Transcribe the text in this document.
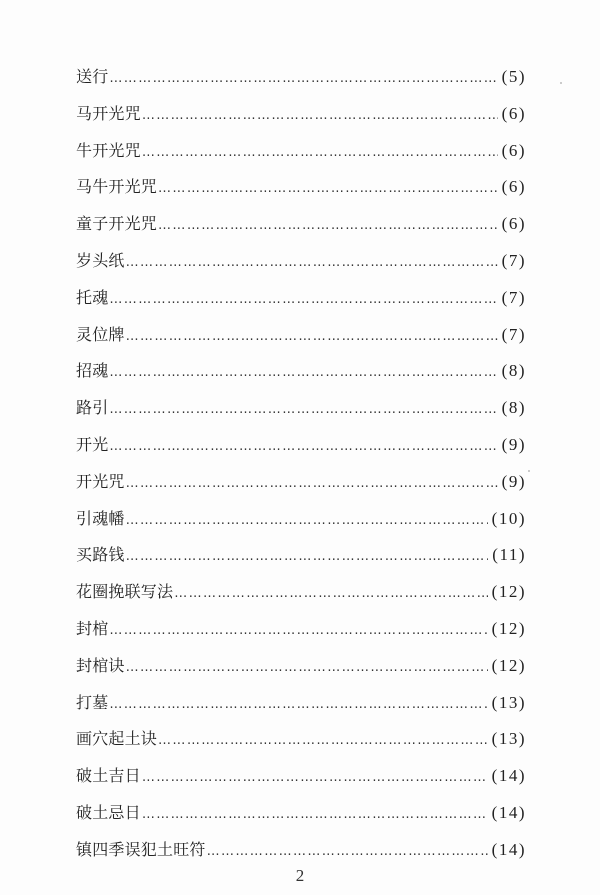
送行 …………………………………………………………………………………………………………………………	(5)
马开光咒 …………………………………………………………………………………………………………………………	(6)
牛开光咒 …………………………………………………………………………………………………………………………	(6)
马牛开光咒 …………………………………………………………………………………………………………………………	(6)
童子开光咒 …………………………………………………………………………………………………………………………	(6)
岁头纸 …………………………………………………………………………………………………………………………	(7)
托魂 …………………………………………………………………………………………………………………………	(7)
灵位牌 …………………………………………………………………………………………………………………………	(7)
招魂 …………………………………………………………………………………………………………………………	(8)
路引 …………………………………………………………………………………………………………………………	(8)
开光 …………………………………………………………………………………………………………………………	(9)
开光咒 …………………………………………………………………………………………………………………………	(9)
引魂幡 …………………………………………………………………………………………………………………………	(10)
买路钱 …………………………………………………………………………………………………………………………	(11)
花圈挽联写法 …………………………………………………………………………………………………………………………	(12)
封棺 …………………………………………………………………………………………………………………………	(12)
封棺诀 …………………………………………………………………………………………………………………………	(12)
打墓 …………………………………………………………………………………………………………………………	(13)
画穴起土诀 …………………………………………………………………………………………………………………………	(13)
破土吉日 …………………………………………………………………………………………………………………………	(14)
破土忌日 …………………………………………………………………………………………………………………………	(14)
镇四季误犯土旺符 …………………………………………………………………………………………………………………………	(14)
2
